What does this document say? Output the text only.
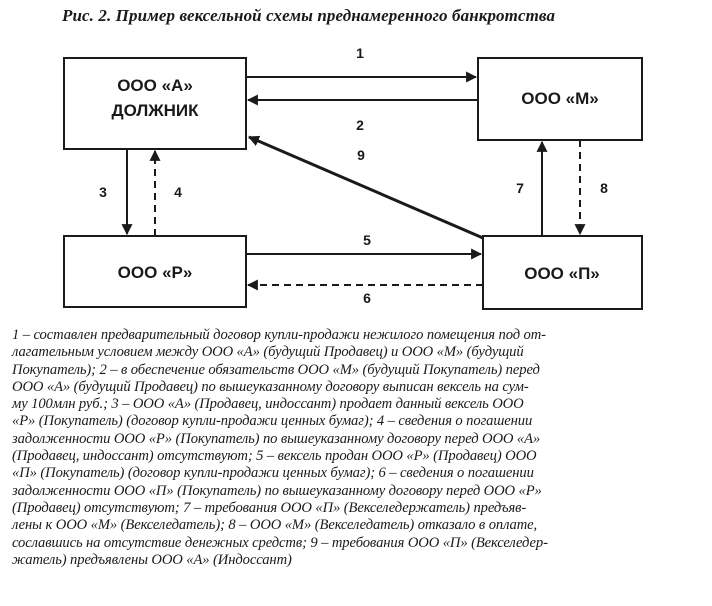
Рис. 2. Пример вексельной схемы преднамеренного банкротства
ООО «А»
ДОЛЖНИК
ООО «М»
ООО «Р»	ООО «П»
1
2
3	4
5
6
7	8
9
1 – составлен предварительный договор купли-продажи нежилого помещения под от-
лагательным условием между ООО «А» (будущий Продавец) и ООО «М» (будущий
Покупатель); 2 – в обеспечение обязательств ООО «М» (будущий Покупатель) перед
ООО «А» (будущий Продавец) по вышеуказанному договору выписан вексель на сум-
му 100млн руб.; 3 – ООО «А» (Продавец, индоссант) продает данный вексель ООО
«Р» (Покупатель) (договор купли-продажи ценных бумаг); 4 – сведения о погашении
задолженности ООО «Р» (Покупатель) по вышеуказанному договору перед ООО «А»
(Продавец, индоссант) отсутствуют; 5 – вексель продан ООО «Р» (Продавец) ООО
«П» (Покупатель) (договор купли-продажи ценных бумаг); 6 – сведения о погашении
задолженности ООО «П» (Покупатель) по вышеуказанному договору перед ООО «Р»
(Продавец) отсутствуют; 7 – требования ООО «П» (Векселедержатель) предъяв-
лены к ООО «М» (Векселедатель); 8 – ООО «М» (Векселедатель) отказало в оплате,
сославшись на отсутствие денежных средств; 9 – требования ООО «П» (Векселедер-
жатель) предъявлены ООО «А» (Индоссант)
